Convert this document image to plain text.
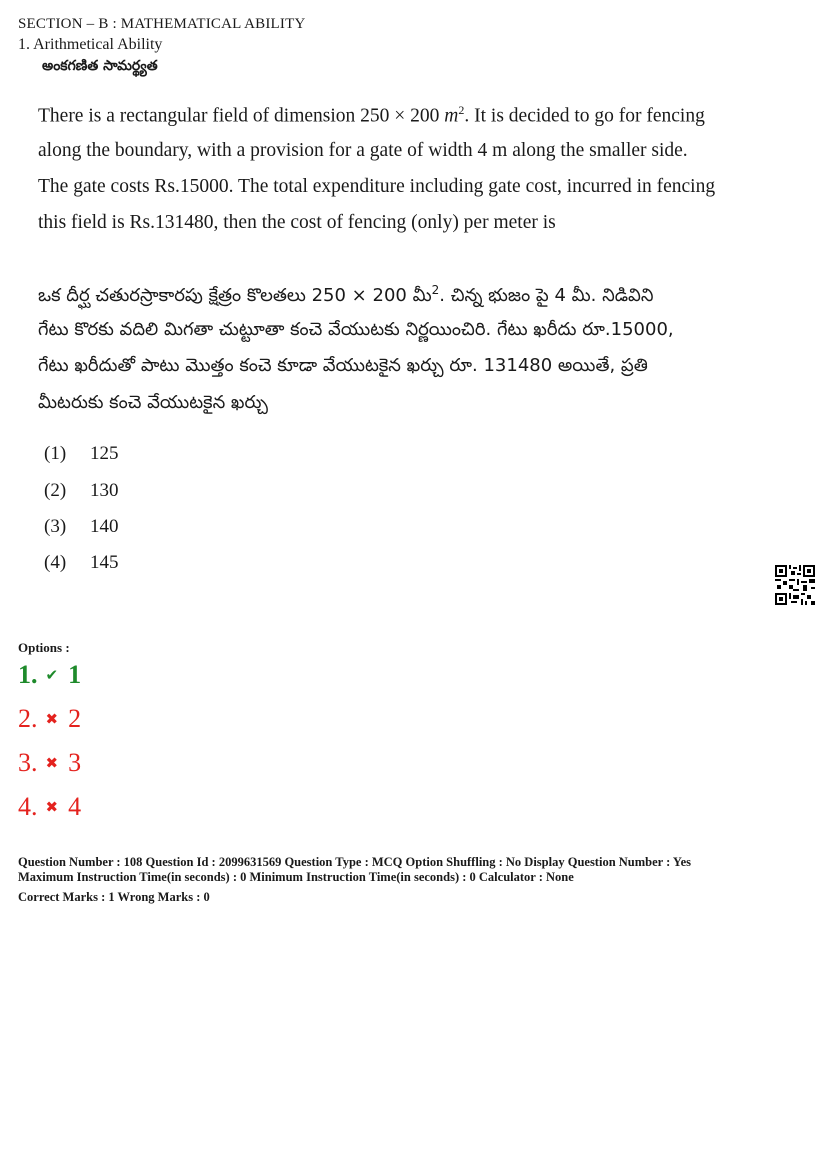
SECTION – B : MATHEMATICAL ABILITY
1. Arithmetical Ability
అంకగణిత సామర్థ్యత
There is a rectangular field of dimension 250 × 200 $m^2$. It is decided to go for fencing
along the boundary, with a provision for a gate of width 4 m along the smaller side.
The gate costs Rs.15000. The total expenditure including gate cost, incurred in fencing
this field is Rs.131480, then the cost of fencing (only) per meter is
ఒక దీర్ఘ చతురస్రాకారపు క్షేత్రం కొలతలు 250 × 200 మీ$^2$. చిన్న భుజం పై 4 మీ. నిడివిని
గేటు కొరకు వదిలి మిగతా చుట్టూతా కంచె వేయుటకు నిర్ణయించిరి. గేటు ఖరీదు రూ.15000,
గేటు ఖరీదుతో పాటు మొత్తం కంచె కూడా వేయుటకైన ఖర్చు రూ. 131480 అయితే, ప్రతి
మీటరుకు కంచె వేయుటకైన ఖర్చు
(1) 125
(2) 130
(3) 140
(4) 145
Options :
1. ✔ 1
2. ✖ 2
3. ✖ 3
4. ✖ 4
Question Number : 108 Question Id : 2099631569 Question Type : MCQ Option Shuffling : No Display Question Number : Yes
Maximum Instruction Time(in seconds) : 0 Minimum Instruction Time(in seconds) : 0 Calculator : None
Correct Marks : 1 Wrong Marks : 0
